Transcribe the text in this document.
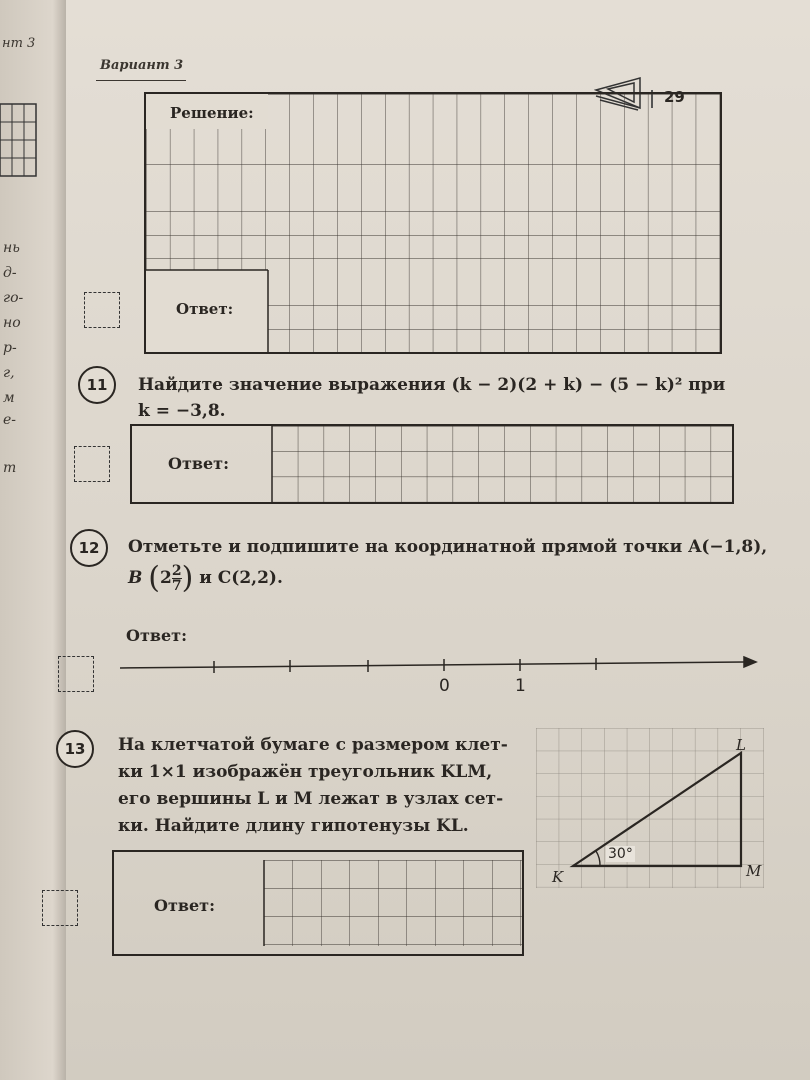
нт 3
нь
д-
го-
но
р-
г,
м
е-
т
Вариант 3
Решение:
Ответ:
11	Найдите значение выражения (k − 2)(2 + k) − (5 − k)² при
k = −3,8.
Ответ:
12	Отметьте и подпишите на координатной прямой точки A(−1,8),
B ($2 \frac{2}{7}$ ) и C(2,2).
Ответ:
0	1
13	На клетчатой бумаге с размером клет-
ки 1×1 изображён треугольник KLM,
его вершины L и M лежат в узлах сет-
ки. Найдите длину гипотенузы KL.
K
L
M
30°
Ответ:
